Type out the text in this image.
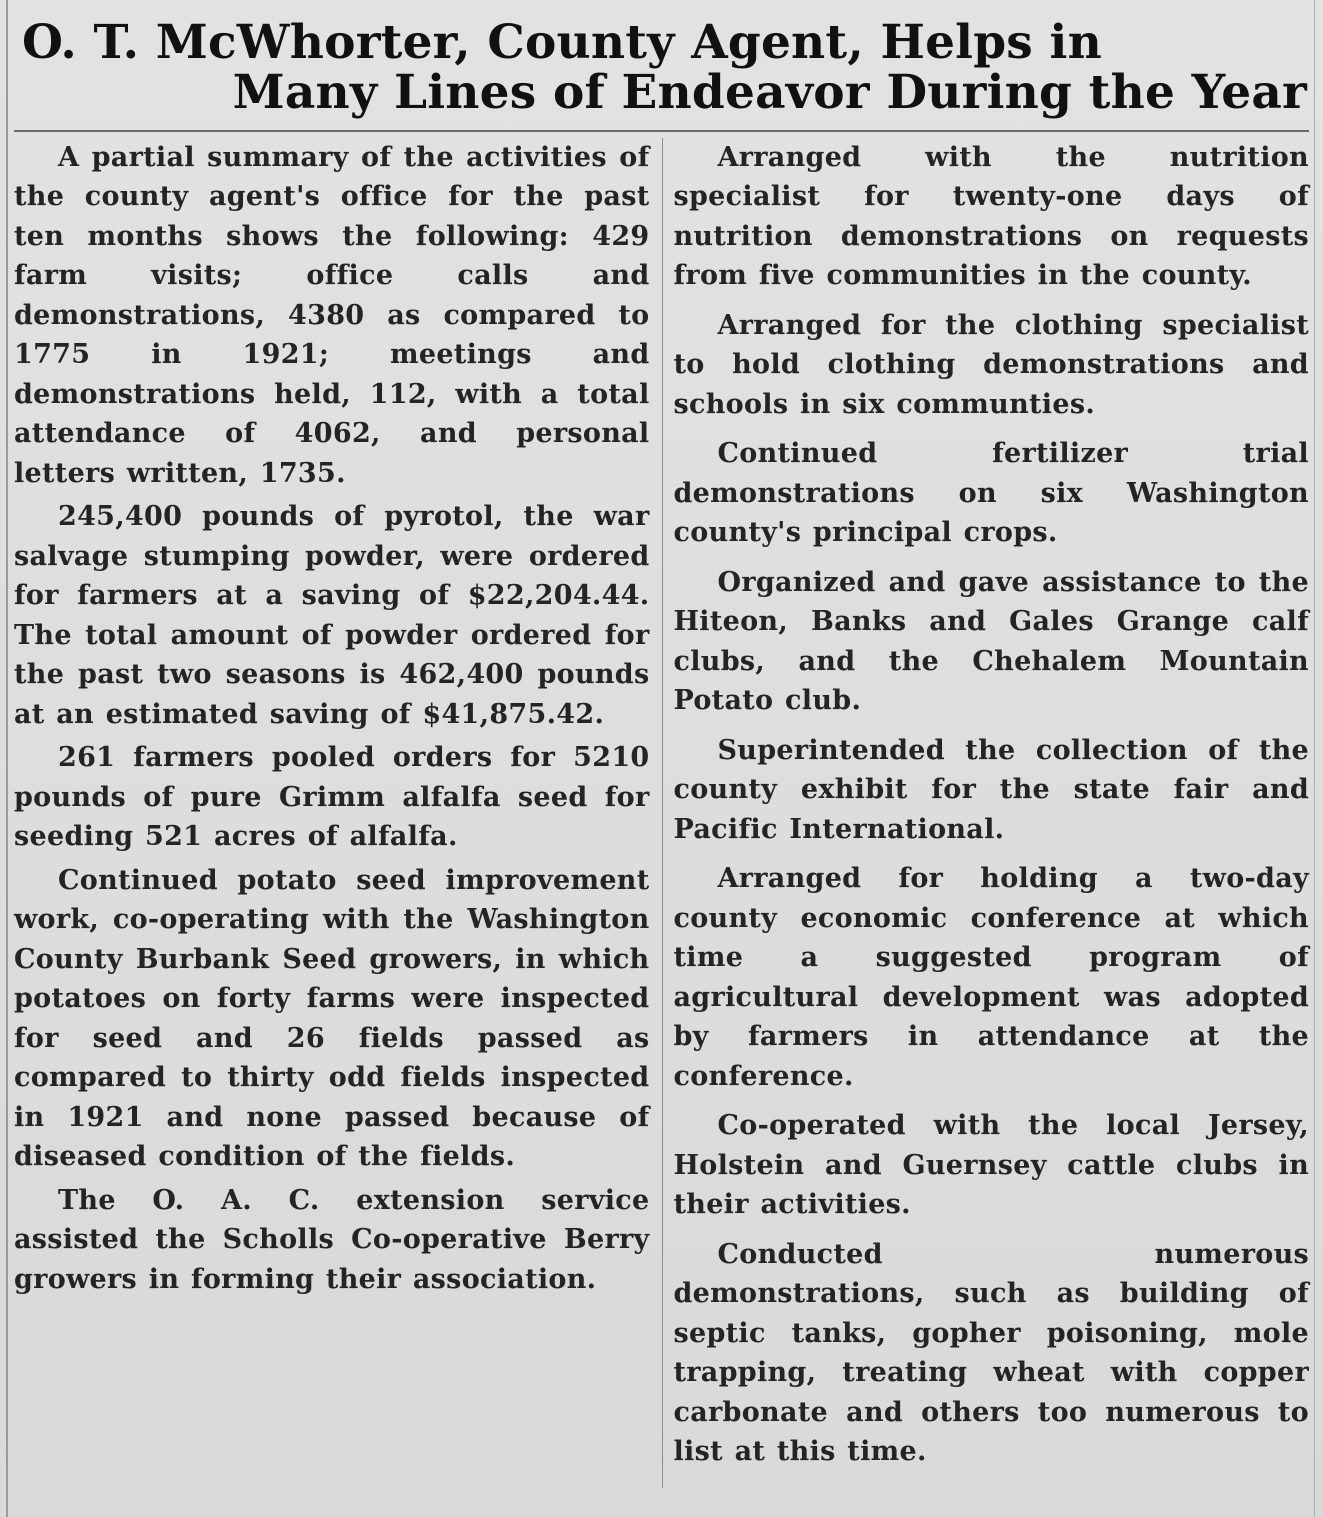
O. T. McWhorter, County Agent, Helps in
Many Lines of Endeavor During the Year

A partial summary of the activities of the county agent's office for the past ten months shows the following: 429 farm visits; office calls and demonstrations, 4380 as compared to 1775 in 1921; meetings and demonstrations held, 112, with a total attendance of 4062, and personal letters written, 1735.

245,400 pounds of pyrotol, the war salvage stumping powder, were ordered for farmers at a saving of $22,204.44. The total amount of powder ordered for the past two seasons is 462,400 pounds at an estimated saving of $41,875.42.

261 farmers pooled orders for 5210 pounds of pure Grimm alfalfa seed for seeding 521 acres of alfalfa.

Continued potato seed improvement work, co-operating with the Washington County Burbank Seed growers, in which potatoes on forty farms were inspected for seed and 26 fields passed as compared to thirty odd fields inspected in 1921 and none passed because of diseased condition of the fields.

The O. A. C. extension service assisted the Scholls Co-operative Berry growers in forming their association.

Arranged with the nutrition specialist for twenty-one days of nutrition demonstrations on requests from five communities in the county.

Arranged for the clothing specialist to hold clothing demonstrations and schools in six communties.

Continued fertilizer trial demonstrations on six Washington county's principal crops.

Organized and gave assistance to the Hiteon, Banks and Gales Grange calf clubs, and the Chehalem Mountain Potato club.

Superintended the collection of the county exhibit for the state fair and Pacific International.

Arranged for holding a two-day county economic conference at which time a suggested program of agricultural development was adopted by farmers in attendance at the conference.

Co-operated with the local Jersey, Holstein and Guernsey cattle clubs in their activities.

Conducted numerous demonstrations, such as building of septic tanks, gopher poisoning, mole trapping, treating wheat with copper carbonate and others too numerous to list at this time.
